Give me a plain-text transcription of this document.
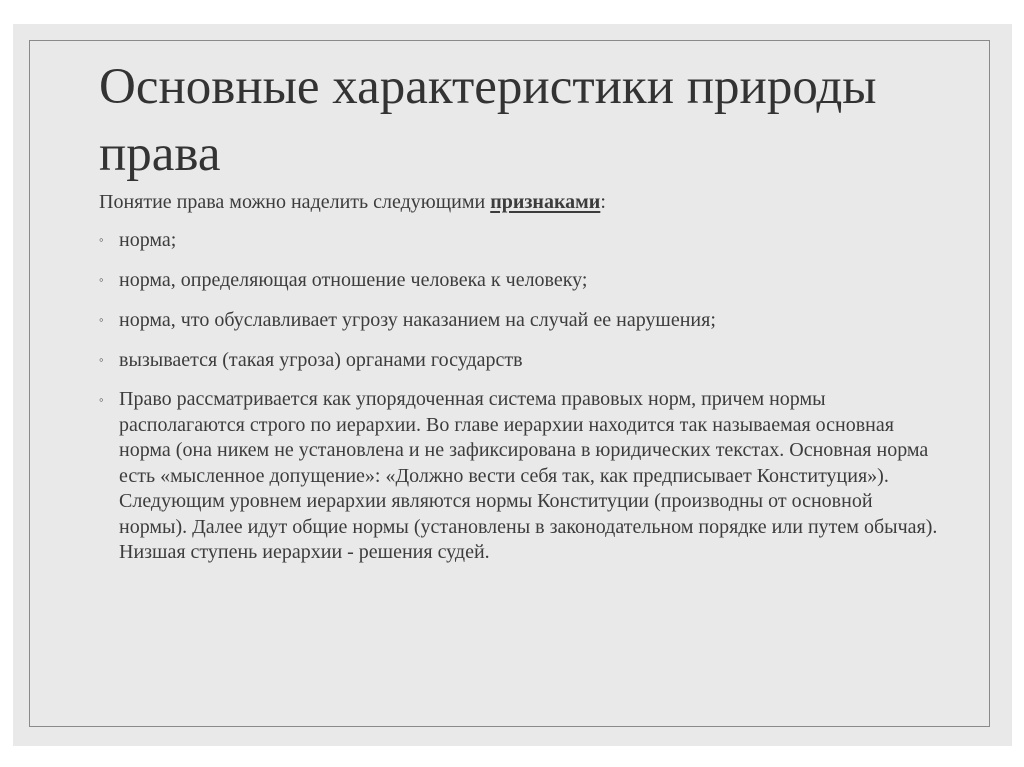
Основные характеристики природы права

Понятие права можно наделить следующими признаками:

◦ норма;
◦ норма, определяющая отношение человека к человеку;
◦ норма, что обуславливает угрозу наказанием на случай ее нарушения;
◦ вызывается (такая угроза) органами государств
◦ Право рассматривается как упорядоченная система правовых норм, причем нормы располагаются строго по иерархии. Во главе иерархии находится так называемая основная норма (она никем не установлена и не зафиксирована в юридических текстах. Основная норма есть «мысленное допущение»: «Должно вести себя так, как предписывает Конституция»). Следующим уровнем иерархии являются нормы Конституции (производны от основной нормы). Далее идут общие нормы (установлены в законодательном порядке или путем обычая). Низшая ступень иерархии - решения судей.
